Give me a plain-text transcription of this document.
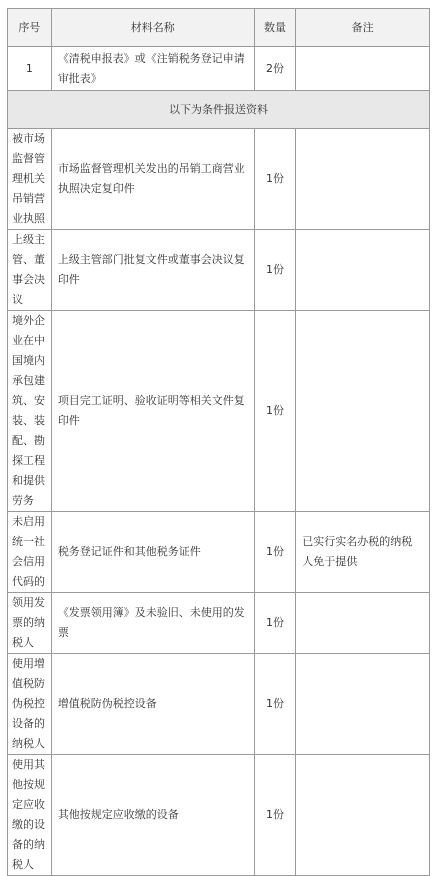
序号	材料名称	数量	备注
1	《清税申报表》或《注销税务登记申请审批表》	2份	
以下为条件报送资料			
被市场监督管理机关吊销营业执照	市场监督管理机关发出的吊销工商营业执照决定复印件	1份	
上级主管、董事会决议	上级主管部门批复文件或董事会决议复印件	1份	
境外企业在中国境内承包建筑、安装、装配、勘探工程和提供劳务	项目完工证明、验收证明等相关文件复印件	1份	
未启用统一社会信用代码的	税务登记证件和其他税务证件	1份	已实行实名办税的纳税人免于提供
领用发票的纳税人	《发票领用簿》及未验旧、未使用的发票	1份	
使用增值税防伪税控设备的纳税人	增值税防伪税控设备	1份	
使用其他按规定应收缴的设备的纳税人	其他按规定应收缴的设备	1份	
